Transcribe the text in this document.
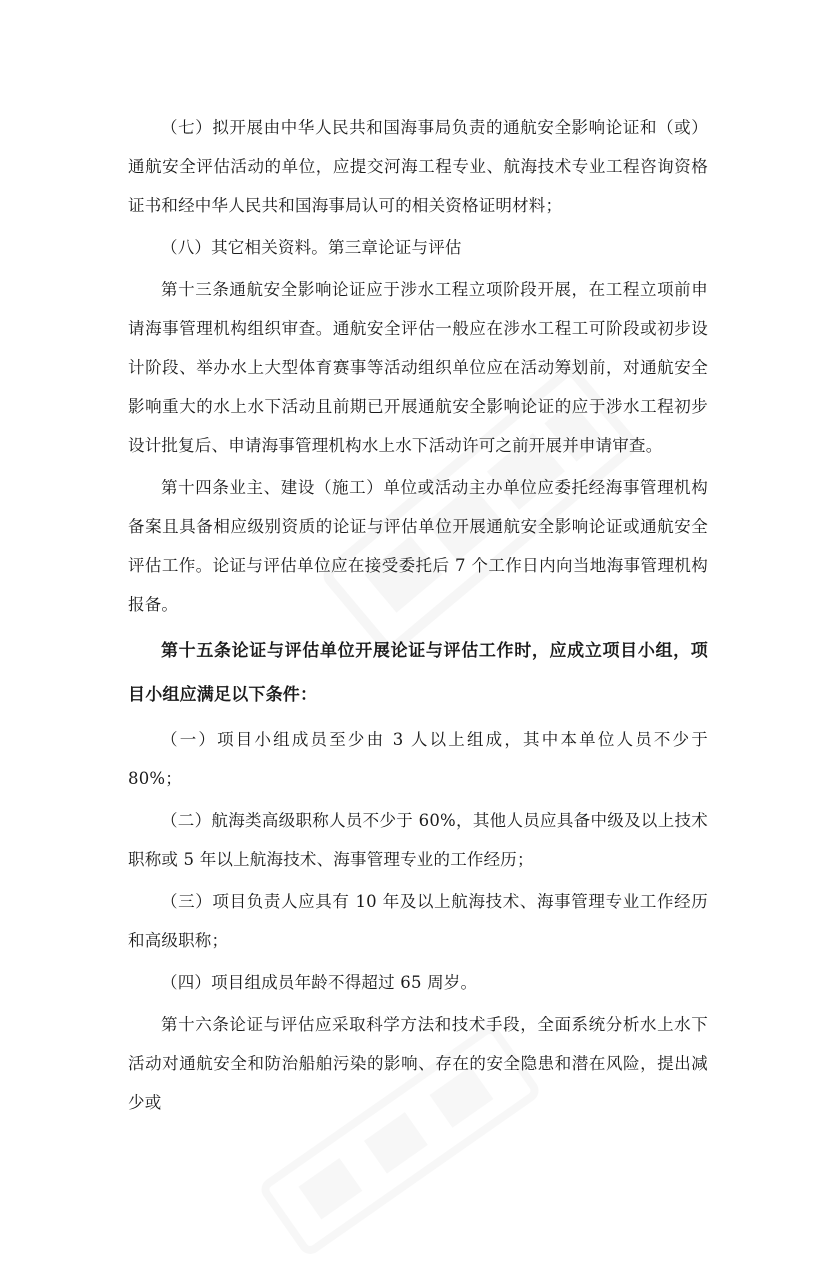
（七）拟开展由中华人民共和国海事局负责的通航安全影响论证和（或）通航安全评估活动的单位，应提交河海工程专业、航海技术专业工程咨询资格证书和经中华人民共和国海事局认可的相关资格证明材料；

（八）其它相关资料。第三章论证与评估

第十三条通航安全影响论证应于涉水工程立项阶段开展，在工程立项前申请海事管理机构组织审查。通航安全评估一般应在涉水工程工可阶段或初步设计阶段、举办水上大型体育赛事等活动组织单位应在活动筹划前，对通航安全影响重大的水上水下活动且前期已开展通航安全影响论证的应于涉水工程初步设计批复后、申请海事管理机构水上水下活动许可之前开展并申请审查。

第十四条业主、建设（施工）单位或活动主办单位应委托经海事管理机构备案且具备相应级别资质的论证与评估单位开展通航安全影响论证或通航安全评估工作。论证与评估单位应在接受委托后 7 个工作日内向当地海事管理机构报备。

第十五条论证与评估单位开展论证与评估工作时，应成立项目小组，项目小组应满足以下条件：

（一）项目小组成员至少由 3 人以上组成，其中本单位人员不少于 80%；

（二）航海类高级职称人员不少于 60%，其他人员应具备中级及以上技术职称或 5 年以上航海技术、海事管理专业的工作经历；

（三）项目负责人应具有 10 年及以上航海技术、海事管理专业工作经历和高级职称；

（四）项目组成员年龄不得超过 65 周岁。

第十六条论证与评估应采取科学方法和技术手段，全面系统分析水上水下活动对通航安全和防治船舶污染的影响、存在的安全隐患和潜在风险，提出减少或
